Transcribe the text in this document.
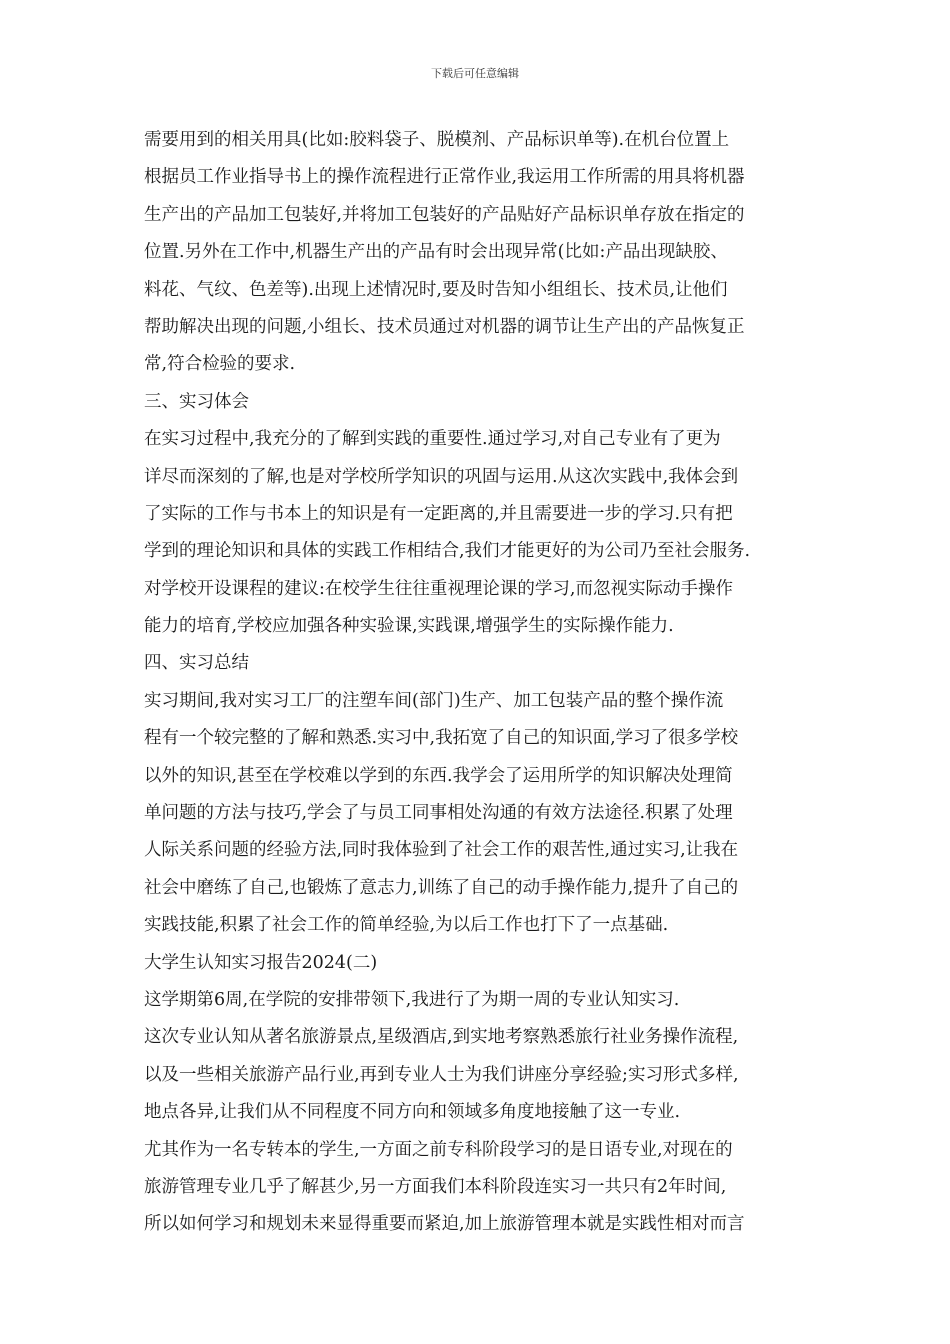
下载后可任意编辑
需要用到的相关用具(比如:胶料袋子、脱模剂、产品标识单等).在机台位置上
根据员工作业指导书上的操作流程进行正常作业,我运用工作所需的用具将机器
生产出的产品加工包装好,并将加工包装好的产品贴好产品标识单存放在指定的
位置.另外在工作中,机器生产出的产品有时会出现异常(比如:产品出现缺胶、
料花、气纹、色差等).出现上述情况时,要及时告知小组组长、技术员,让他们
帮助解决出现的问题,小组长、技术员通过对机器的调节让生产出的产品恢复正
常,符合检验的要求.
三、实习体会
在实习过程中,我充分的了解到实践的重要性.通过学习,对自己专业有了更为
详尽而深刻的了解,也是对学校所学知识的巩固与运用.从这次实践中,我体会到
了实际的工作与书本上的知识是有一定距离的,并且需要进一步的学习.只有把
学到的理论知识和具体的实践工作相结合,我们才能更好的为公司乃至社会服务.
对学校开设课程的建议:在校学生往往重视理论课的学习,而忽视实际动手操作
能力的培育,学校应加强各种实验课,实践课,增强学生的实际操作能力.
四、实习总结
实习期间,我对实习工厂的注塑车间(部门)生产、加工包装产品的整个操作流
程有一个较完整的了解和熟悉.实习中,我拓宽了自己的知识面,学习了很多学校
以外的知识,甚至在学校难以学到的东西.我学会了运用所学的知识解决处理简
单问题的方法与技巧,学会了与员工同事相处沟通的有效方法途径.积累了处理
人际关系问题的经验方法,同时我体验到了社会工作的艰苦性,通过实习,让我在
社会中磨练了自己,也锻炼了意志力,训练了自己的动手操作能力,提升了自己的
实践技能,积累了社会工作的简单经验,为以后工作也打下了一点基础.
大学生认知实习报告2024(二)
这学期第6周,在学院的安排带领下,我进行了为期一周的专业认知实习.
这次专业认知从著名旅游景点,星级酒店,到实地考察熟悉旅行社业务操作流程,
以及一些相关旅游产品行业,再到专业人士为我们讲座分享经验;实习形式多样,
地点各异,让我们从不同程度不同方向和领域多角度地接触了这一专业.
尤其作为一名专转本的学生,一方面之前专科阶段学习的是日语专业,对现在的
旅游管理专业几乎了解甚少,另一方面我们本科阶段连实习一共只有2年时间,
所以如何学习和规划未来显得重要而紧迫,加上旅游管理本就是实践性相对而言
